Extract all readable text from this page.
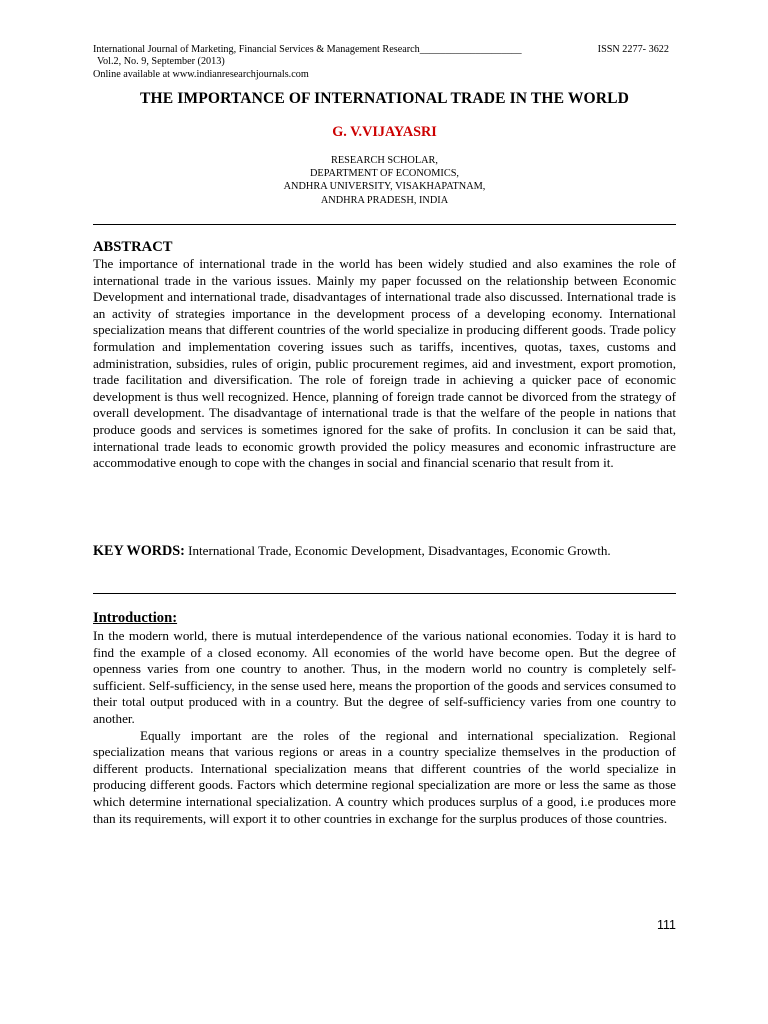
International Journal of Marketing, Financial Services & Management Research____________________	ISSN 2277- 3622
Vol.2, No. 9, September (2013)
Online available at www.indianresearchjournals.com
THE IMPORTANCE OF INTERNATIONAL TRADE IN THE WORLD
G. V.VIJAYASRI
RESEARCH SCHOLAR,
DEPARTMENT OF ECONOMICS,
ANDHRA UNIVERSITY, VISAKHAPATNAM,
ANDHRA PRADESH, INDIA
ABSTRACT
The importance of international trade in the world has been widely studied and also examines the role of international trade in the various issues. Mainly my paper focussed on the relationship between Economic Development and international trade, disadvantages of international trade also discussed. International trade is an activity of strategies importance in the development process of a developing economy. International specialization means that different countries of the world specialize in producing different goods. Trade policy formulation and implementation covering issues such as tariffs, incentives, quotas, taxes, customs and administration, subsidies, rules of origin, public procurement regimes, aid and investment, export promotion, trade facilitation and diversification. The role of foreign trade in achieving a quicker pace of economic development is thus well recognized. Hence, planning of foreign trade cannot be divorced from the strategy of overall development. The disadvantage of international trade is that the welfare of the people in nations that produce goods and services is sometimes ignored for the sake of profits. In conclusion it can be said that, international trade leads to economic growth provided the policy measures and economic infrastructure are accommodative enough to cope with the changes in social and financial scenario that result from it.
KEY WORDS: International Trade, Economic Development, Disadvantages, Economic Growth.
Introduction:

In the modern world, there is mutual interdependence of the various national economies. Today it is hard to find the example of a closed economy. All economies of the world have become open. But the degree of openness varies from one country to another. Thus, in the modern world no country is completely self-sufficient. Self-sufficiency, in the sense used here, means the proportion of the goods and services consumed to their total output produced with in a country. But the degree of self-sufficiency varies from one country to another.

Equally important are the roles of the regional and international specialization. Regional specialization means that various regions or areas in a country specialize themselves in the production of different products. International specialization means that different countries of the world specialize in producing different goods. Factors which determine regional specialization are more or less the same as those which determine international specialization. A country which produces surplus of a good, i.e produces more than its requirements, will export it to other countries in exchange for the surplus produces of those countries.

111
